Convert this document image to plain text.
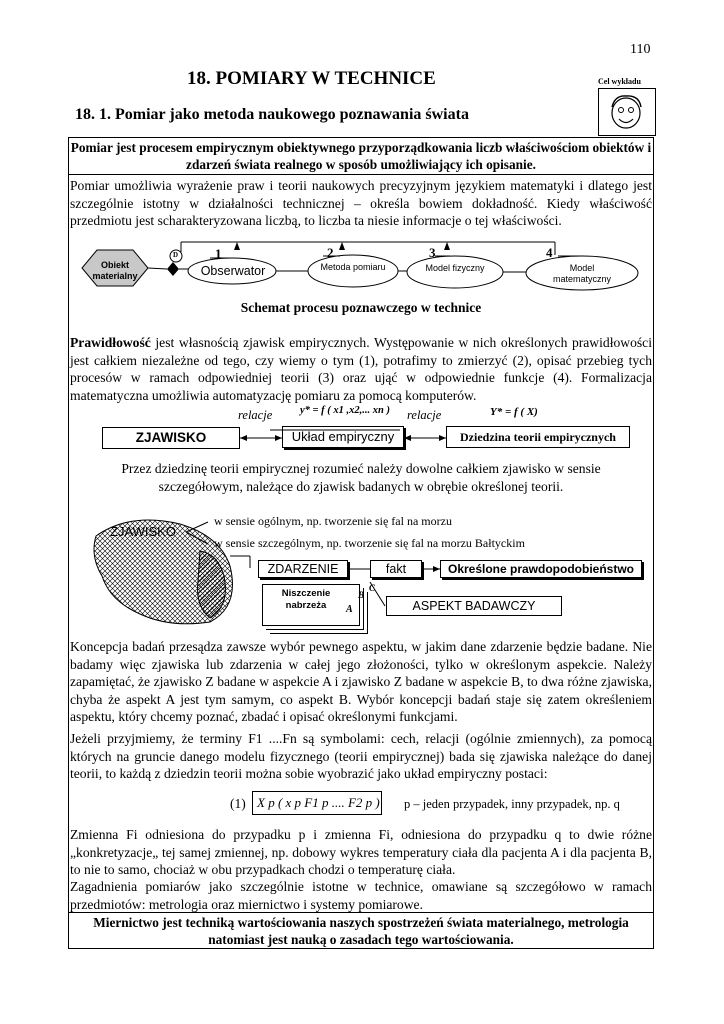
110
18. POMIARY W TECHNICE	Cel wykładu
18. 1. Pomiar jako metoda naukowego poznawania świata
Pomiar jest procesem empirycznym obiektywnego przyporządkowania liczb właściwościom obiektów i zdarzeń świata realnego w sposób umożliwiający ich opisanie.
Pomiar umożliwia wyrażenie praw i teorii naukowych precyzyjnym językiem matematyki i dlatego jest szczególnie istotny w działalności technicznej – określa bowiem dokładność. Kiedy właściwość przedmiotu jest scharakteryzowana liczbą, to liczba ta niesie informacje o tej właściwości.
Obiekt materialny
D	1	2	3	4
Obserwator	Metoda pomiaru	Model fizyczny	Model matematyczny
Schemat procesu poznawczego w technice
Prawidłowość jest własnością zjawisk empirycznych. Występowanie w nich określonych prawidłowości jest całkiem niezależne od tego, czy wiemy o tym (1), potrafimy to zmierzyć (2), opisać przebieg tych procesów w ramach odpowiedniej teorii (3) oraz ująć w odpowiednie funkcje (4). Formalizacja matematyczna umożliwia automatyzację pomiaru za pomocą komputerów.
relacje	y* = f ( x1 ,x2,... xn ) relacje	Y* = f ( X)
ZJAWISKO	Układ empiryczny	Dziedzina teorii empirycznych
Przez dziedzinę teorii empirycznej rozumieć należy dowolne całkiem zjawisko w sensie szczegółowym, należące do zjawisk badanych w obrębie określonej teorii.
ZJAWISKO
w sensie ogólnym, np. tworzenie się fal na morzu
w sensie szczególnym, np. tworzenie się fal na morzu Bałtyckim
ZDARZENIE	fakt	Określone prawdopodobieństwo
Niszczenie nabrzeża	A
B
C
ASPEKT BADAWCZY
Koncepcja badań przesądza zawsze wybór pewnego aspektu, w jakim dane zdarzenie będzie badane. Nie badamy więc zjawiska lub zdarzenia w całej jego złożoności, tylko w określonym aspekcie. Należy zapamiętać, że zjawisko Z badane w aspekcie A i zjawisko Z badane w aspekcie B, to dwa różne zjawiska, chyba że aspekt A jest tym samym, co aspekt B. Wybór koncepcji badań staje się zatem określeniem aspektu, który chcemy poznać, zbadać i opisać określonymi funkcjami.
Jeżeli przyjmiemy, że terminy F1 ....Fn są symbolami: cech, relacji (ogólnie zmiennych), za pomocą których na gruncie danego modelu fizycznego (teorii empirycznej) bada się zjawiska należące do danej teorii, to każdą z dziedzin teorii można sobie wyobrazić jako układ empiryczny postaci:
(1) X p ( x p F1 p .... F2 p ) p – jeden przypadek, inny przypadek, np. q
Zmienna Fi odniesiona do przypadku p i zmienna Fi, odniesiona do przypadku q to dwie różne „konkretyzacje„ tej samej zmiennej, np. dobowy wykres temperatury ciała dla pacjenta A i dla pacjenta B, to nie to samo, chociaż w obu przypadkach chodzi o temperaturę ciała.
Zagadnienia pomiarów jako szczególnie istotne w technice, omawiane są szczegółowo w ramach przedmiotów: metrologia oraz miernictwo i systemy pomiarowe.
Miernictwo jest techniką wartościowania naszych spostrzeżeń świata materialnego, metrologia natomiast jest nauką o zasadach tego wartościowania.
